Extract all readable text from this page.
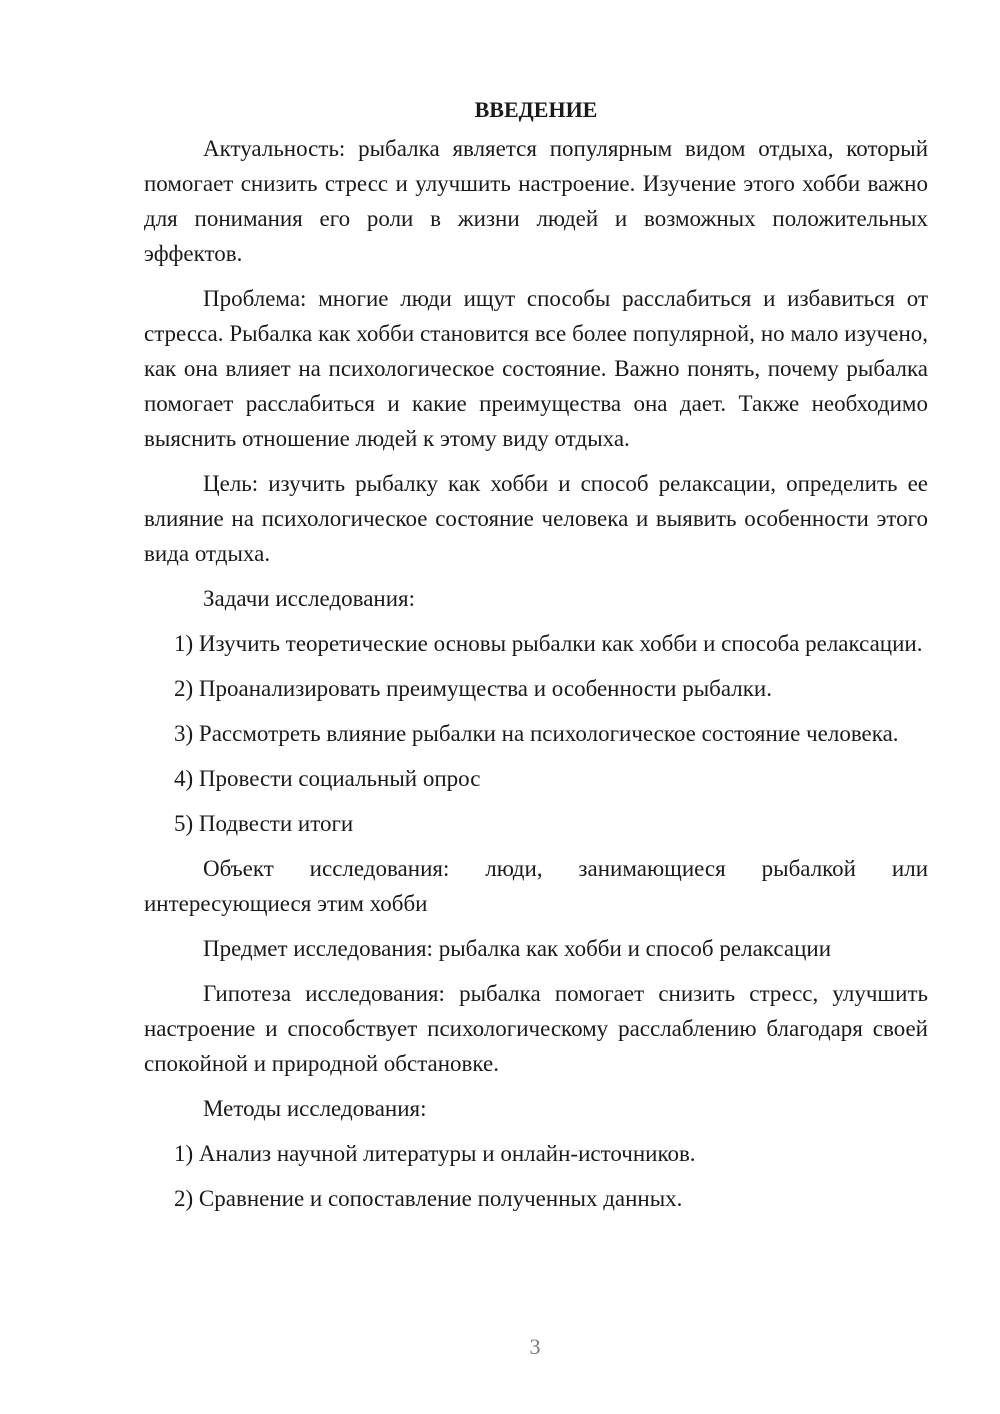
ВВЕДЕНИЕ

Актуальность: рыбалка является популярным видом отдыха, который помогает снизить стресс и улучшить настроение. Изучение этого хобби важно для понимания его роли в жизни людей и возможных положительных эффектов.

Проблема: многие люди ищут способы расслабиться и избавиться от стресса. Рыбалка как хобби становится все более популярной, но мало изучено, как она влияет на психологическое состояние. Важно понять, почему рыбалка помогает расслабиться и какие преимущества она дает. Также необходимо выяснить отношение людей к этому виду отдыха.

Цель: изучить рыбалку как хобби и способ релаксации, определить ее влияние на психологическое состояние человека и выявить особенности этого вида отдыха.

Задачи исследования:

1) Изучить теоретические основы рыбалки как хобби и способа релаксации.

2) Проанализировать преимущества и особенности рыбалки.

3) Рассмотреть влияние рыбалки на психологическое состояние человека.

4) Провести социальный опрос

5) Подвести итоги

Объект исследования: люди, занимающиеся рыбалкой или интересующиеся этим хобби

Предмет исследования: рыбалка как хобби и способ релаксации

Гипотеза исследования: рыбалка помогает снизить стресс, улучшить настроение и способствует психологическому расслаблению благодаря своей спокойной и природной обстановке.

Методы исследования:

1) Анализ научной литературы и онлайн-источников.

2) Сравнение и сопоставление полученных данных.

3
